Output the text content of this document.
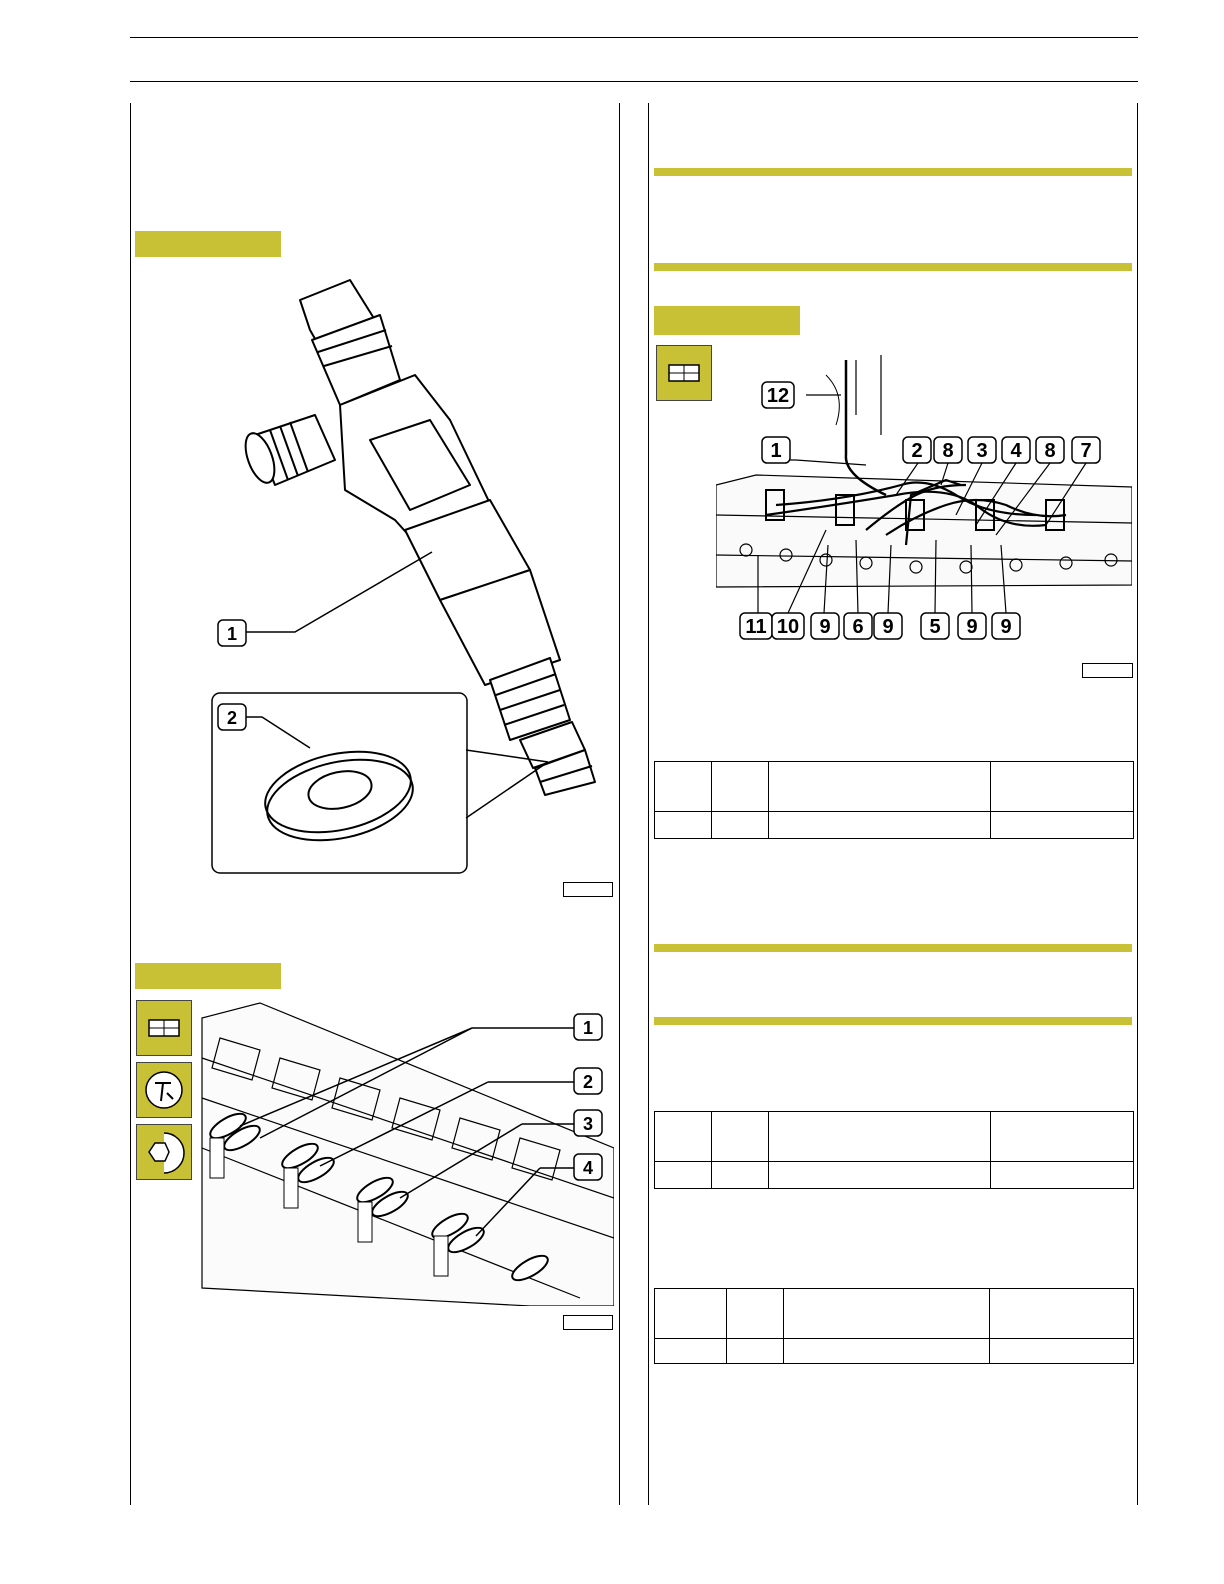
1
2
1
2
3
4
12
1	2 8 3 4 8 7
11 10 9 6 9 5 9 9
